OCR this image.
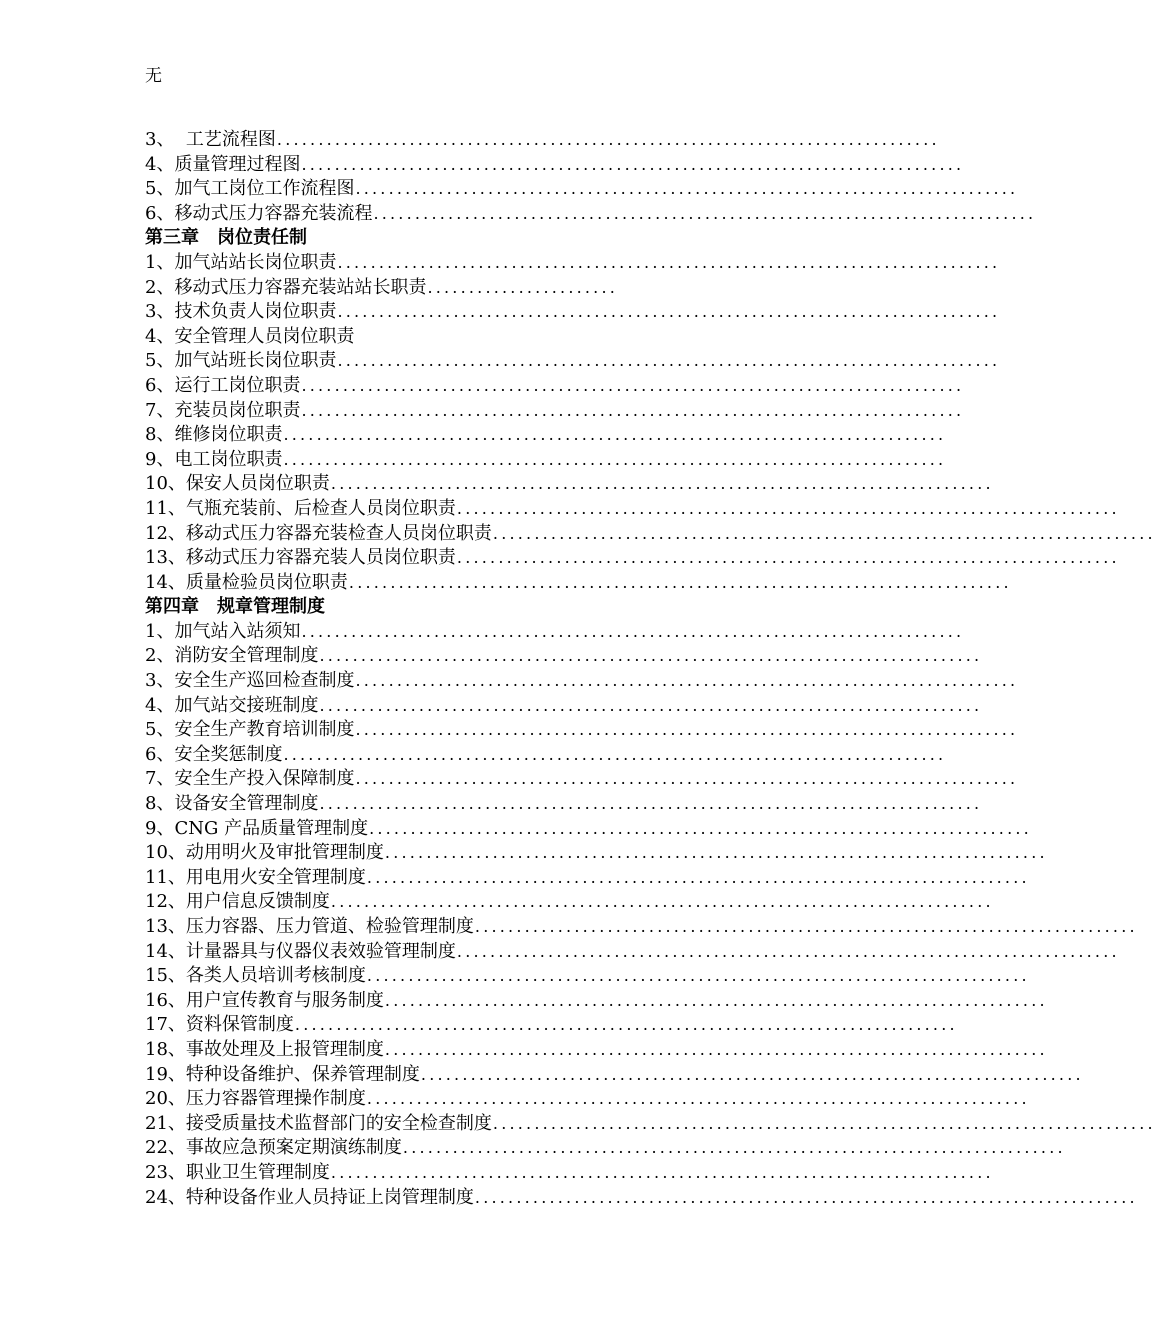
无
3、  工艺流程图 ................................................................................
4、质量管理过程图 ................................................................................
5、加气工岗位工作流程图 ................................................................................
6、移动式压力容器充装流程 ................................................................................
第三章　岗位责任制
1、加气站站长岗位职责 ................................................................................
2、移动式压力容器充装站站长职责 .......................
3、技术负责人岗位职责 ................................................................................
4、安全管理人员岗位职责
5、加气站班长岗位职责 ................................................................................
6、运行工岗位职责 ................................................................................
7、充装员岗位职责 ................................................................................
8、维修岗位职责 ................................................................................
9、电工岗位职责 ................................................................................
10、保安人员岗位职责 ................................................................................
11、气瓶充装前、后检查人员岗位职责 ................................................................................
12、移动式压力容器充装检查人员岗位职责 ................................................................................
13、移动式压力容器充装人员岗位职责 ................................................................................
14、质量检验员岗位职责 ................................................................................
第四章　规章管理制度
1、加气站入站须知 ................................................................................
2、消防安全管理制度 ................................................................................
3、安全生产巡回检查制度 ................................................................................
4、加气站交接班制度 ................................................................................
5、安全生产教育培训制度 ................................................................................
6、安全奖惩制度 ................................................................................
7、安全生产投入保障制度 ................................................................................
8、设备安全管理制度 ................................................................................
9、CNG 产品质量管理制度 ................................................................................
10、动用明火及审批管理制度 ................................................................................
11、用电用火安全管理制度 ................................................................................
12、用户信息反馈制度 ................................................................................
13、压力容器、压力管道、检验管理制度 ................................................................................
14、计量器具与仪器仪表效验管理制度 ................................................................................
15、各类人员培训考核制度 ................................................................................
16、用户宣传教育与服务制度 ................................................................................
17、资料保管制度 ................................................................................
18、事故处理及上报管理制度 ................................................................................
19、特种设备维护、保养管理制度 ................................................................................
20、压力容器管理操作制度 ................................................................................
21、接受质量技术监督部门的安全检查制度 ................................................................................
22、事故应急预案定期演练制度 ................................................................................
23、职业卫生管理制度 ................................................................................
24、特种设备作业人员持证上岗管理制度 ................................................................................
